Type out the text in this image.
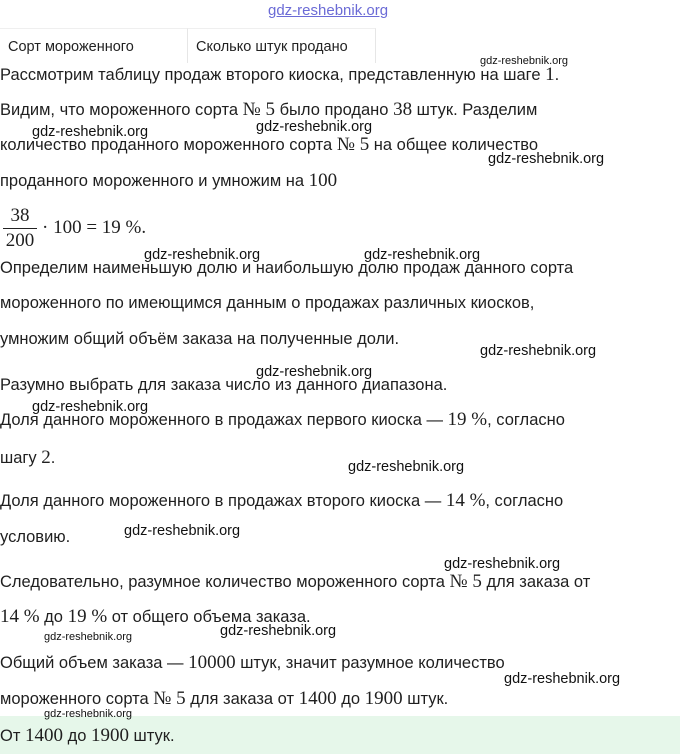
gdz-reshebnik.org
Сорт мороженного	Сколько штук продано
Рассмотрим таблицу продаж второго киоска, представленную на шаге 1.
Видим, что мороженного сорта № 5 было продано 38 штук. Разделим
количество проданного мороженного сорта № 5 на общее количество
проданного мороженного и умножим на 100
38
200
· 100 = 19 %.
Определим наименьшую долю и наибольшую долю продаж данного сорта
мороженного по имеющимся данным о продажах различных киосков,
умножим общий объём заказа на полученные доли.
Разумно выбрать для заказа число из данного диапазона.
Доля данного мороженного в продажах первого киоска — 19 %, согласно
шагу 2.
Доля данного мороженного в продажах второго киоска — 14 %, согласно
условию.
Следовательно, разумное количество мороженного сорта № 5 для заказа от
14 % до 19 % от общего объема заказа.
Общий объем заказа — 10000 штук, значит разумное количество
мороженного сорта № 5 для заказа от 1400 до 1900 штук.
От 1400 до 1900 штук.
gdz-reshebnik.org
gdz-reshebnik.org	gdz-reshebnik.org
gdz-reshebnik.org
gdz-reshebnik.org	gdz-reshebnik.org
gdz-reshebnik.org
gdz-reshebnik.org
gdz-reshebnik.org
gdz-reshebnik.org
gdz-reshebnik.org
gdz-reshebnik.org
gdz-reshebnik.org	gdz-reshebnik.org
gdz-reshebnik.org
gdz-reshebnik.org
